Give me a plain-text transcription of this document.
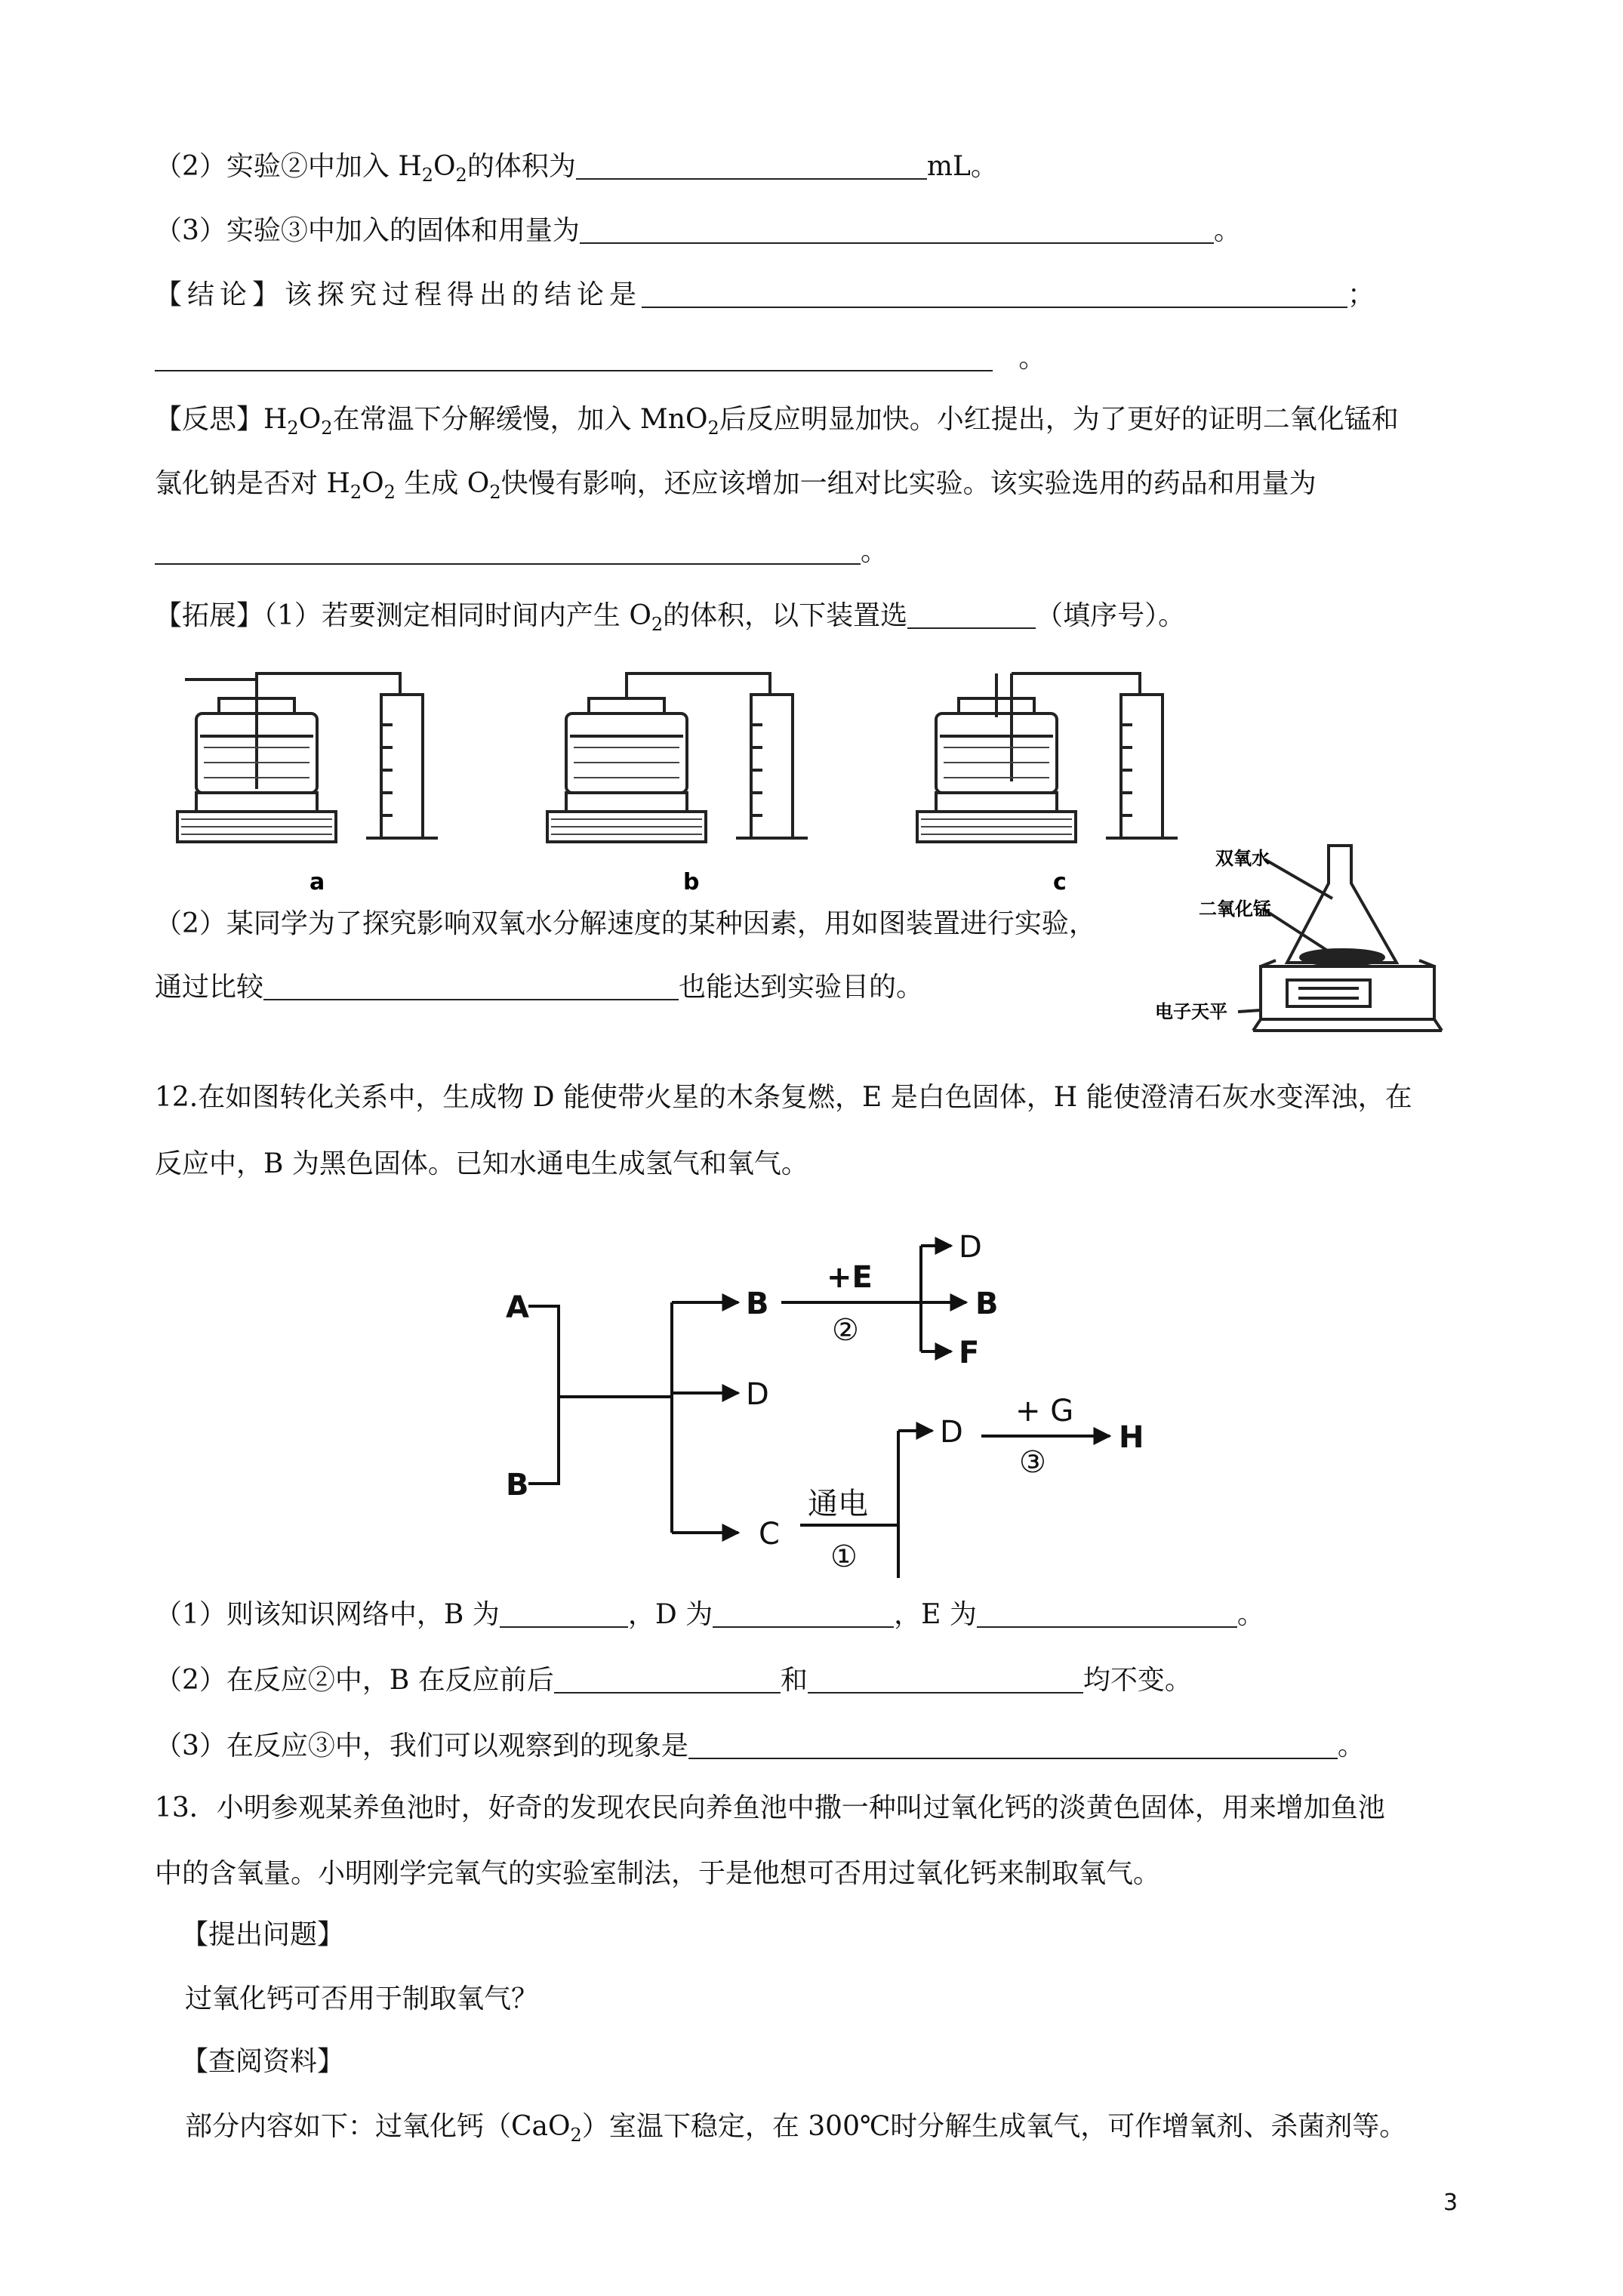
（2）实验②中加入 $H_2O_2$的体积为	mL。
（3）实验③中加入的固体和用量为	。
【结论】该探究过程得出的结论是	；
。
【反思】$H_2O_2$在常温下分解缓慢，加入 MnO$_2$后反应明显加快。小红提出，为了更好的证明二氧化锰和
氯化钠是否对 $H_2O_2$ 生成 $O_2$快慢有影响，还应该增加一组对比实验。该实验选用的药品和用量为
。
【拓展】（1）若要测定相同时间内产生 $O_2$的体积，以下装置选	（填序号）。
a	b	c
双氧水
二氧化锰
电子天平
（2）某同学为了探究影响双氧水分解速度的某种因素，用如图装置进行实验，
通过比较	也能达到实验目的。
12.在如图转化关系中，生成物 D 能使带火星的木条复燃，E 是白色固体，H 能使澄清石灰水变浑浊，在
反应中，B 为黑色固体。已知水通电生成氢气和氧气。
A
B
B
D
B
F
D
C
D	H
+E
②
通电
①
+ G
③
（1）则该知识网络中，B 为	，D 为	，E 为	。
（2）在反应②中，B 在反应前后	和	均不变。
（3）在反应③中，我们可以观察到的现象是	。
13．小明参观某养鱼池时，好奇的发现农民向养鱼池中撒一种叫过氧化钙的淡黄色固体，用来增加鱼池
中的含氧量。小明刚学完氧气的实验室制法，于是他想可否用过氧化钙来制取氧气。
【提出问题】
过氧化钙可否用于制取氧气？
【查阅资料】
部分内容如下：过氧化钙（CaO$_2$）室温下稳定，在 300℃时分解生成氧气，可作增氧剂、杀菌剂等。
3
